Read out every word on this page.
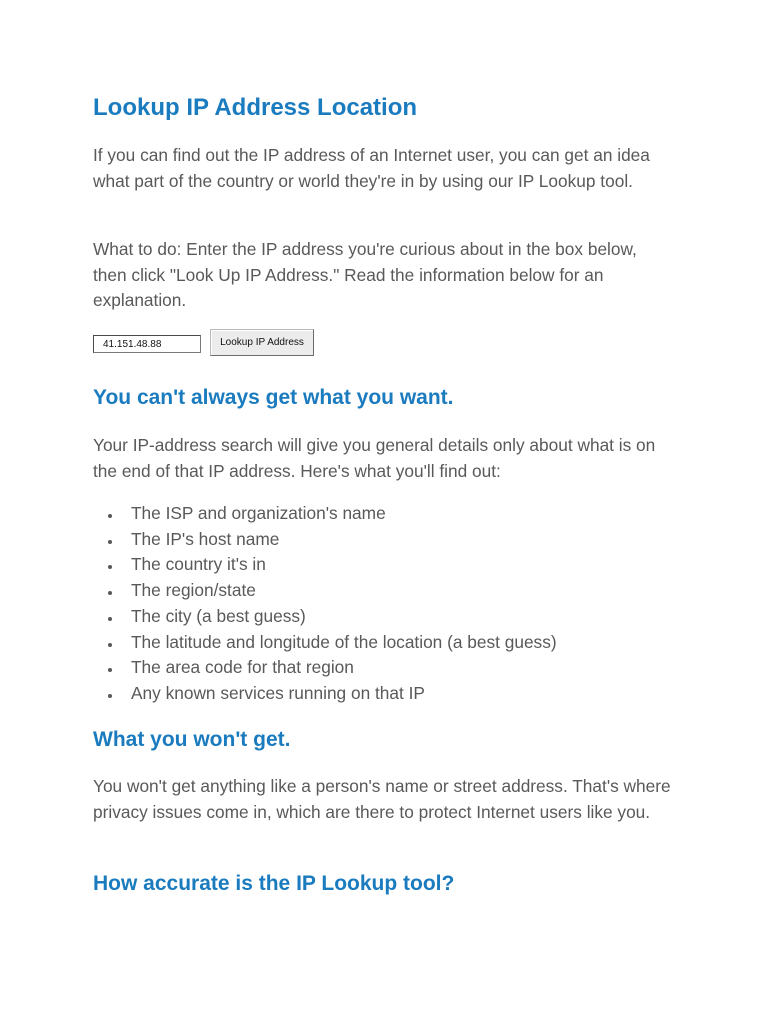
Lookup IP Address Location

If you can find out the IP address of an Internet user, you can get an idea what part of the country or world they're in by using our IP Lookup tool.

What to do: Enter the IP address you're curious about in the box below, then click "Look Up IP Address." Read the information below for an explanation.

41.151.48.88
Lookup IP Address
You can't always get what you want.

Your IP-address search will give you general details only about what is on the end of that IP address. Here's what you'll find out:

The ISP and organization's name
The IP's host name
The country it's in
The region/state
The city (a best guess)
The latitude and longitude of the location (a best guess)
The area code for that region
Any known services running on that IP
What you won't get.

You won't get anything like a person's name or street address. That's where privacy issues come in, which are there to protect Internet users like you.

How accurate is the IP Lookup tool?
